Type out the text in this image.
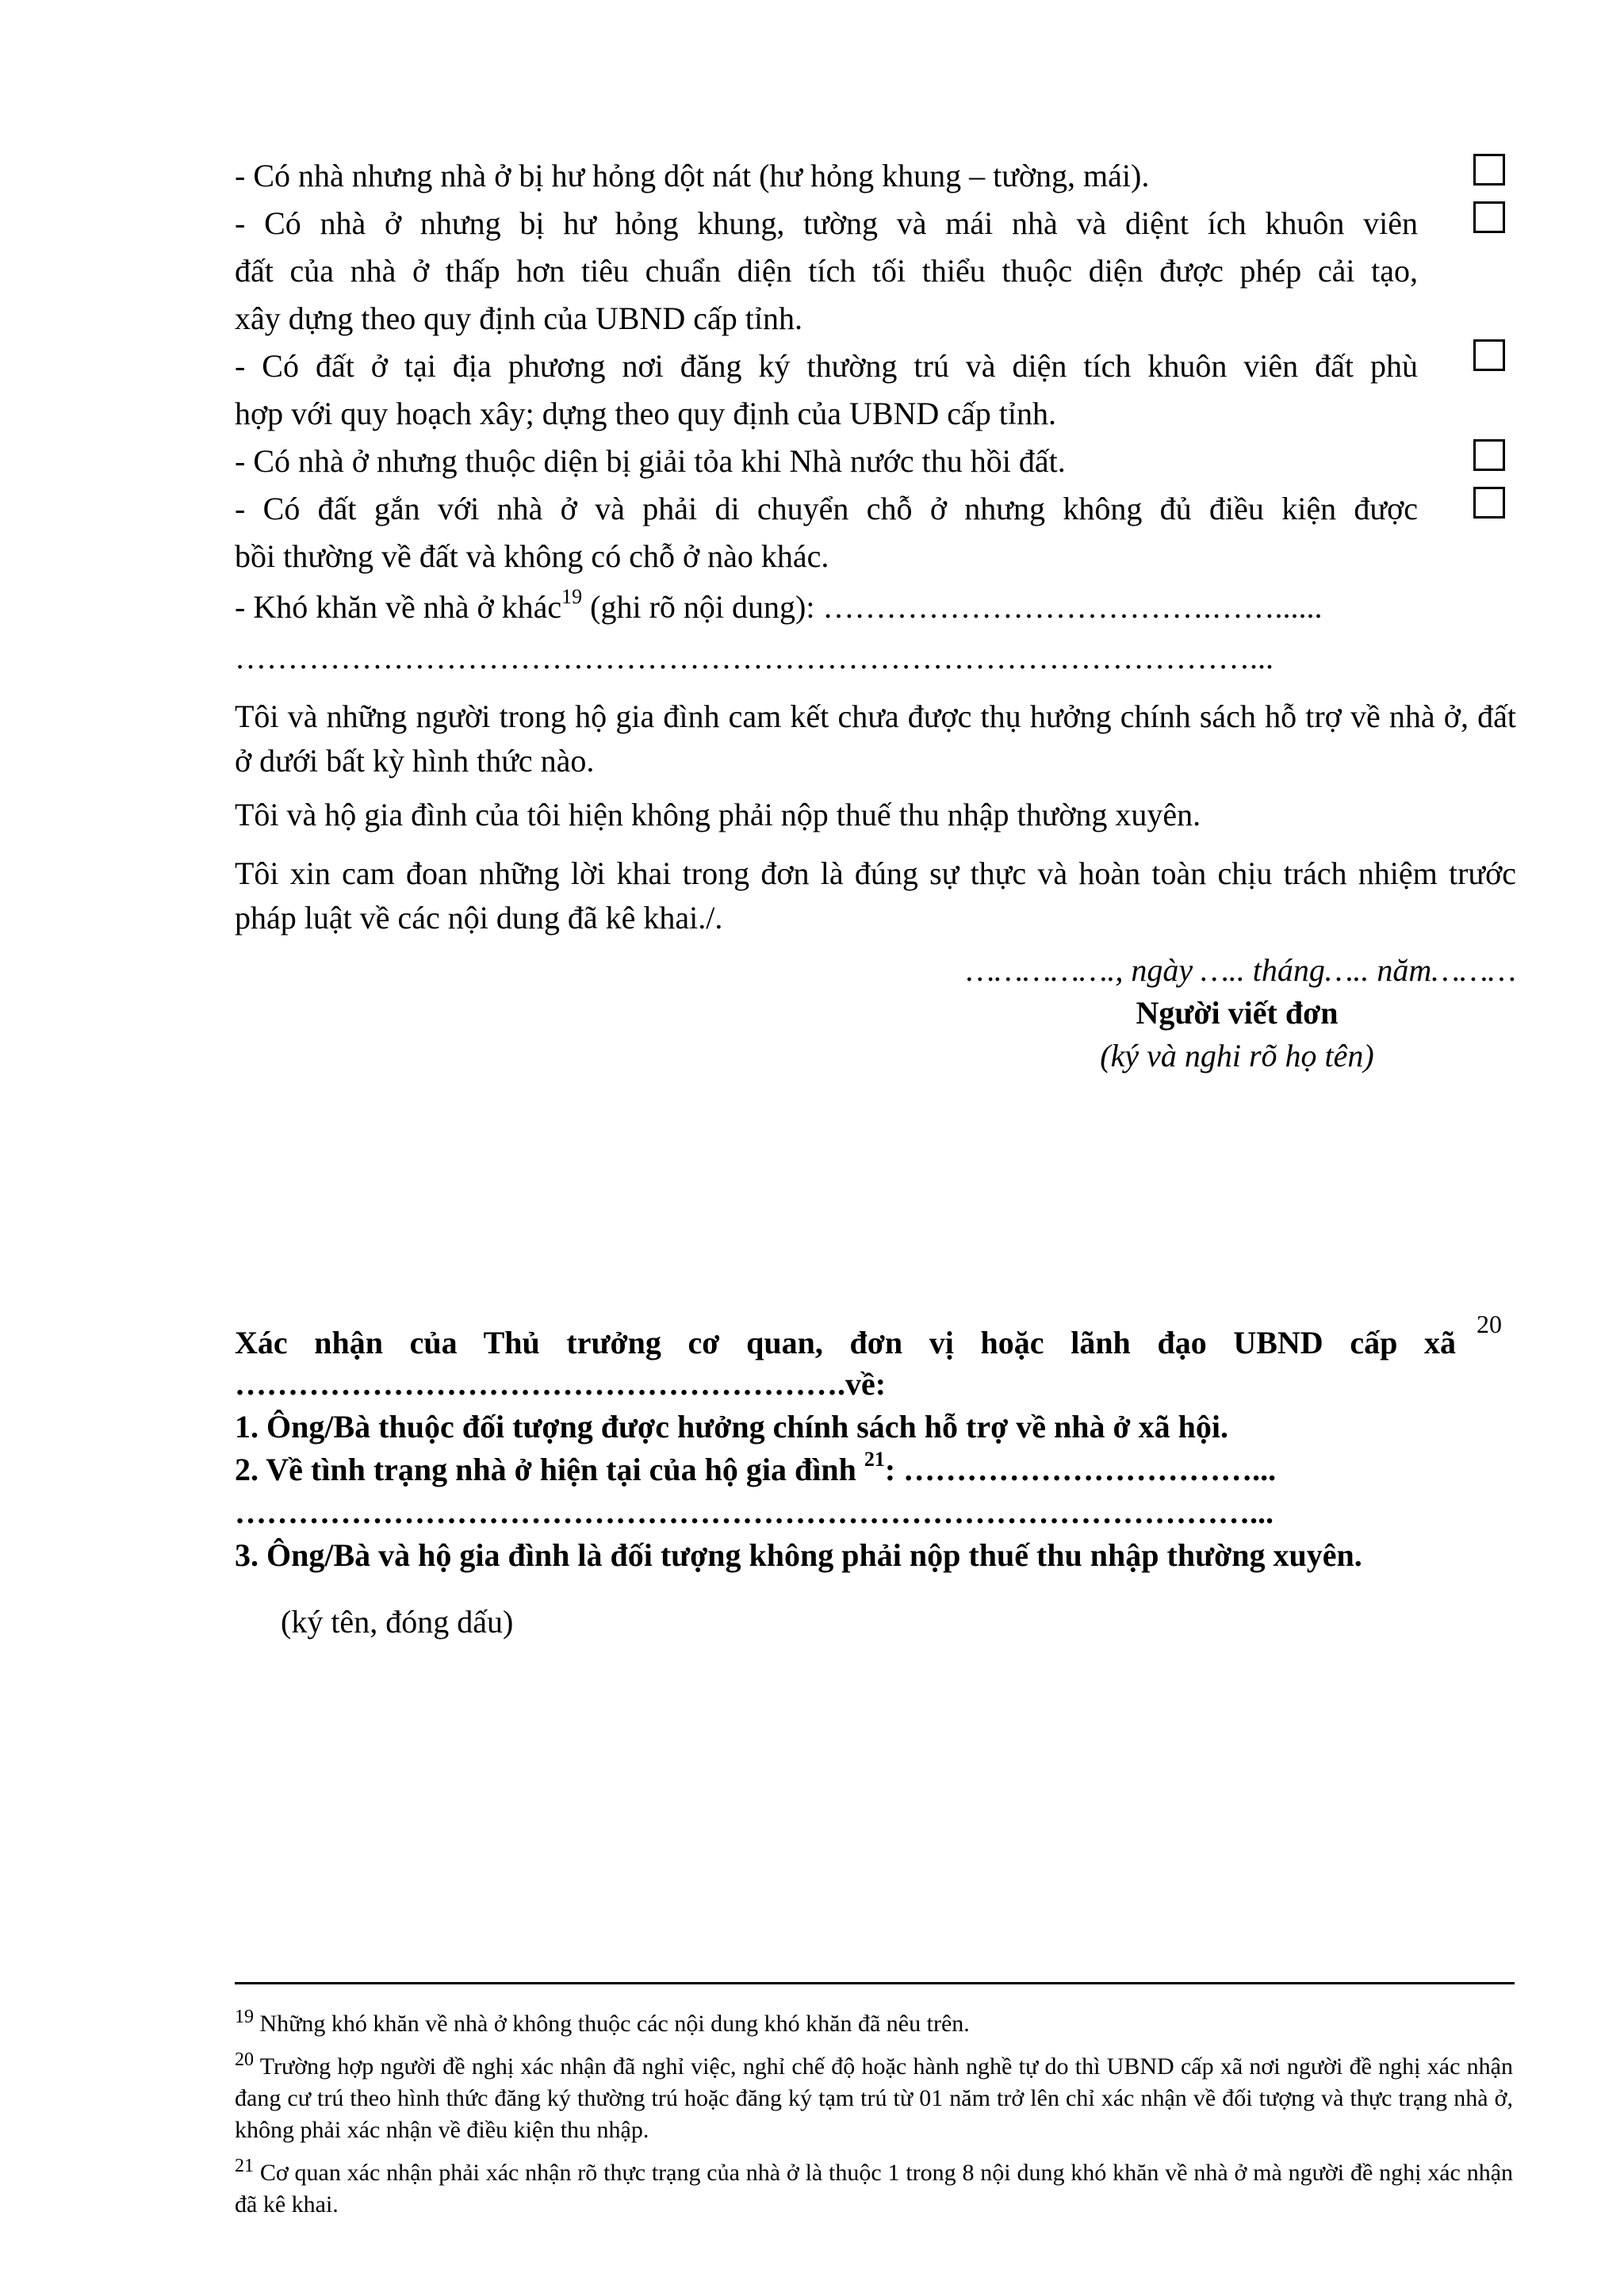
- Có nhà nhưng nhà ở bị hư hỏng dột nát (hư hỏng khung – tường, mái).
- Có nhà ở nhưng bị hư hỏng khung, tường và mái nhà và diệnt ích khuôn viên
đất của nhà ở thấp hơn tiêu chuẩn diện tích tối thiểu thuộc diện được phép cải tạo,
xây dựng theo quy định của UBND cấp tỉnh.
- Có đất ở tại địa phương nơi đăng ký thường trú và diện tích khuôn viên đất phù
hợp với quy hoạch xây; dựng theo quy định của UBND cấp tỉnh.
- Có nhà ở nhưng thuộc diện bị giải tỏa khi Nhà nước thu hồi đất.
- Có đất gắn với nhà ở và phải di chuyển chỗ ở nhưng không đủ điều kiện được
bồi thường về đất và không có chỗ ở nào khác.
- Khó khăn về nhà ở khác$^{19}$ (ghi rõ nội dung): ……………………………….……......
……………………………………………………………………………………...
Tôi và những người trong hộ gia đình cam kết chưa được thụ hưởng chính sách hỗ trợ về nhà ở, đất ở dưới bất kỳ hình thức nào.
Tôi và hộ gia đình của tôi hiện không phải nộp thuế thu nhập thường xuyên.
Tôi xin cam đoan những lời khai trong đơn là đúng sự thực và hoàn toàn chịu trách nhiệm trước pháp luật về các nội dung đã kê khai./.
……………., ngày ….. tháng….. năm………
Người viết đơn
(ký và nghi rõ họ tên)
Xác nhận của Thủ trưởng cơ quan, đơn vị hoặc lãnh đạo UBND cấp xã
20
………………………………………………….về:
1. Ông/Bà thuộc đối tượng được hưởng chính sách hỗ trợ về nhà ở xã hội.
2. Về tình trạng nhà ở hiện tại của hộ gia đình $^{21}$: ……………………………...
……………………………………………………………………………………...
3. Ông/Bà và hộ gia đình là đối tượng không phải nộp thuế thu nhập thường xuyên.
(ký tên, đóng dấu)
$^{19}$ Những khó khăn về nhà ở không thuộc các nội dung khó khăn đã nêu trên.
$^{20}$ Trường hợp người đề nghị xác nhận đã nghỉ việc, nghỉ chế độ hoặc hành nghề tự do thì UBND cấp xã nơi người đề nghị xác nhận đang cư trú theo hình thức đăng ký thường trú hoặc đăng ký tạm trú từ 01 năm trở lên chỉ xác nhận về đối tượng và thực trạng nhà ở, không phải xác nhận về điều kiện thu nhập.
$^{21}$ Cơ quan xác nhận phải xác nhận rõ thực trạng của nhà ở là thuộc 1 trong 8 nội dung khó khăn về nhà ở mà người đề nghị xác nhận đã kê khai.
